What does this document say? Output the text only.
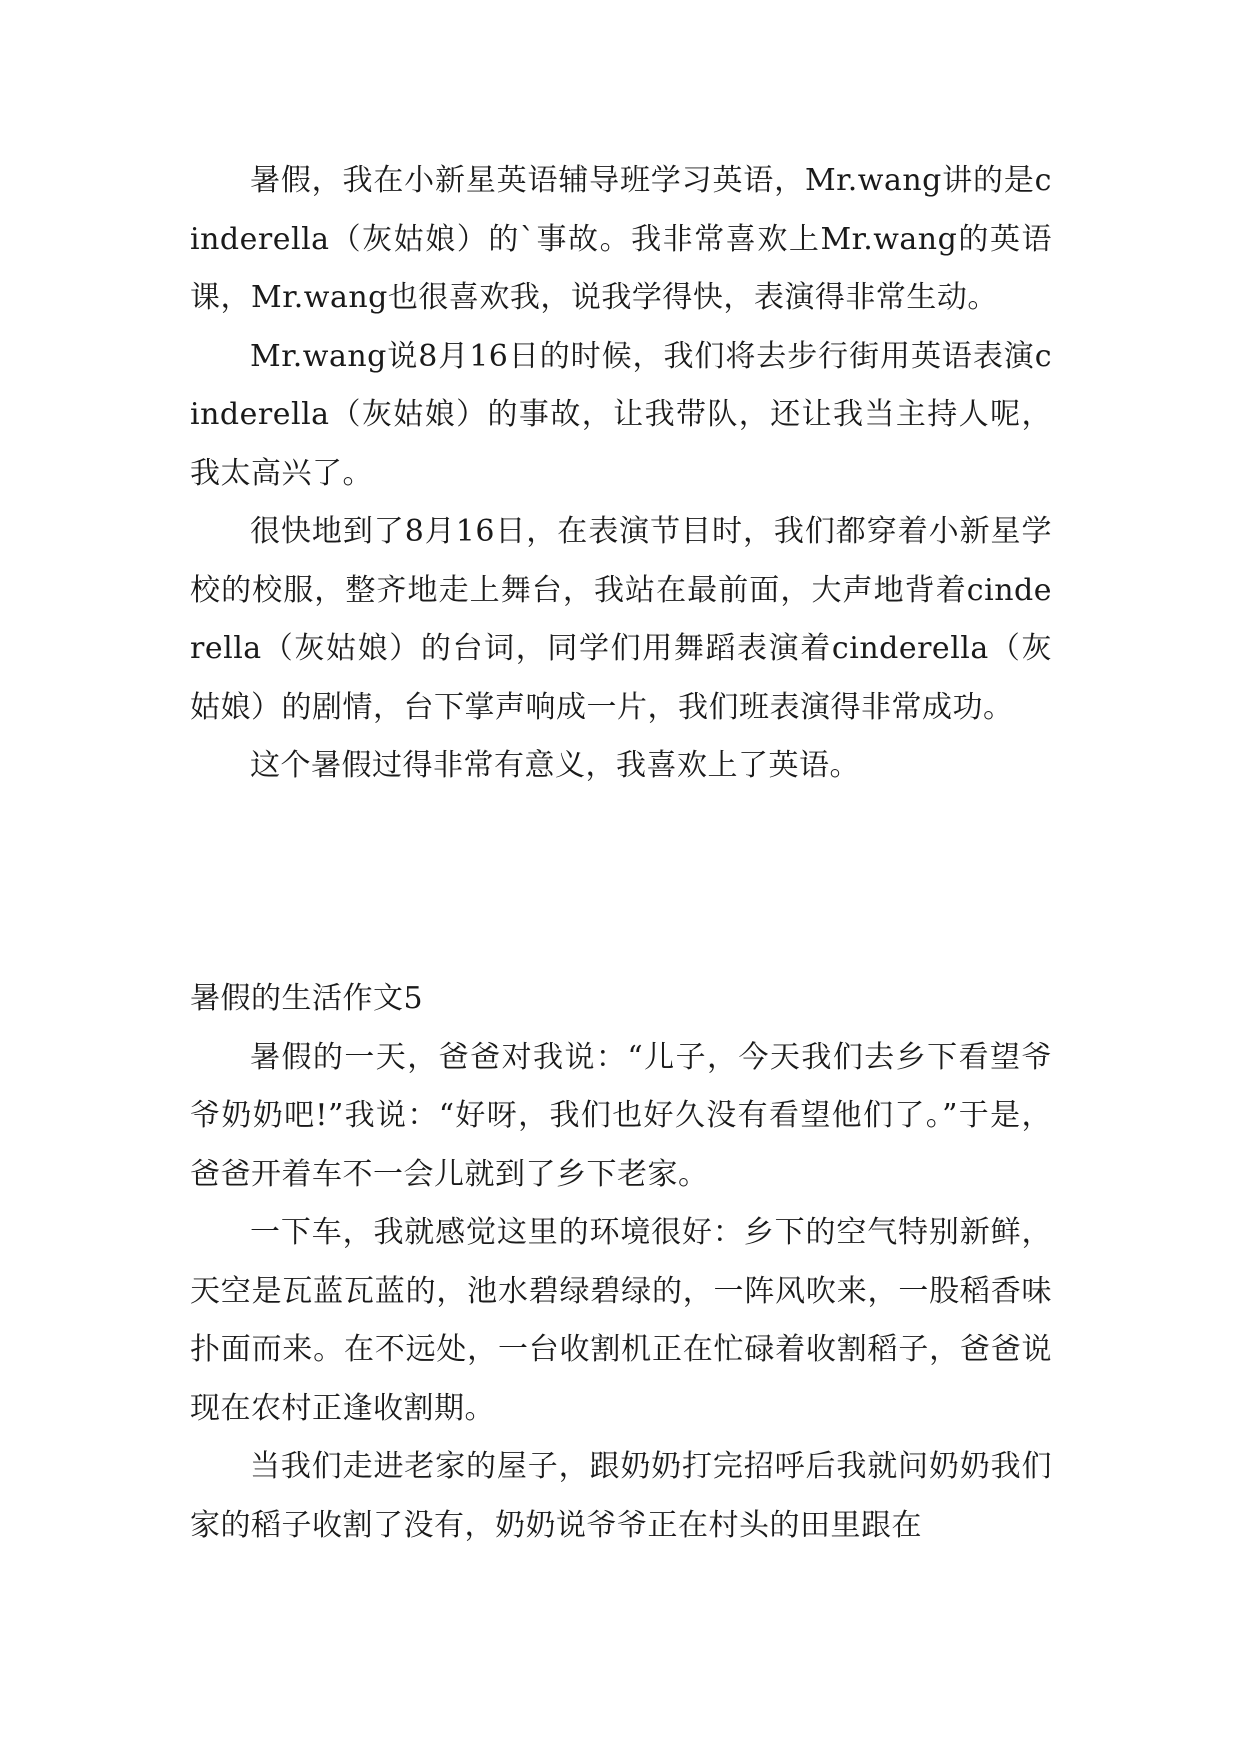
暑假，我在小新星英语辅导班学习英语，Mr.wang讲的是cinderella（灰姑娘）的`事故。我非常喜欢上Mr.wang的英语课，Mr.wang也很喜欢我，说我学得快，表演得非常生动。

Mr.wang说8月16日的时候，我们将去步行街用英语表演cinderella（灰姑娘）的事故，让我带队，还让我当主持人呢，我太高兴了。

很快地到了8月16日，在表演节目时，我们都穿着小新星学校的校服，整齐地走上舞台，我站在最前面，大声地背着cinderella（灰姑娘）的台词，同学们用舞蹈表演着cinderella（灰姑娘）的剧情，台下掌声响成一片，我们班表演得非常成功。

这个暑假过得非常有意义，我喜欢上了英语。

暑假的生活作文5

暑假的一天，爸爸对我说：“儿子，今天我们去乡下看望爷爷奶奶吧!”我说：“好呀，我们也好久没有看望他们了。”于是，爸爸开着车不一会儿就到了乡下老家。

一下车，我就感觉这里的环境很好：乡下的空气特别新鲜，天空是瓦蓝瓦蓝的，池水碧绿碧绿的，一阵风吹来，一股稻香味扑面而来。在不远处，一台收割机正在忙碌着收割稻子，爸爸说现在农村正逢收割期。

当我们走进老家的屋子，跟奶奶打完招呼后我就问奶奶我们家的稻子收割了没有，奶奶说爷爷正在村头的田里跟在
